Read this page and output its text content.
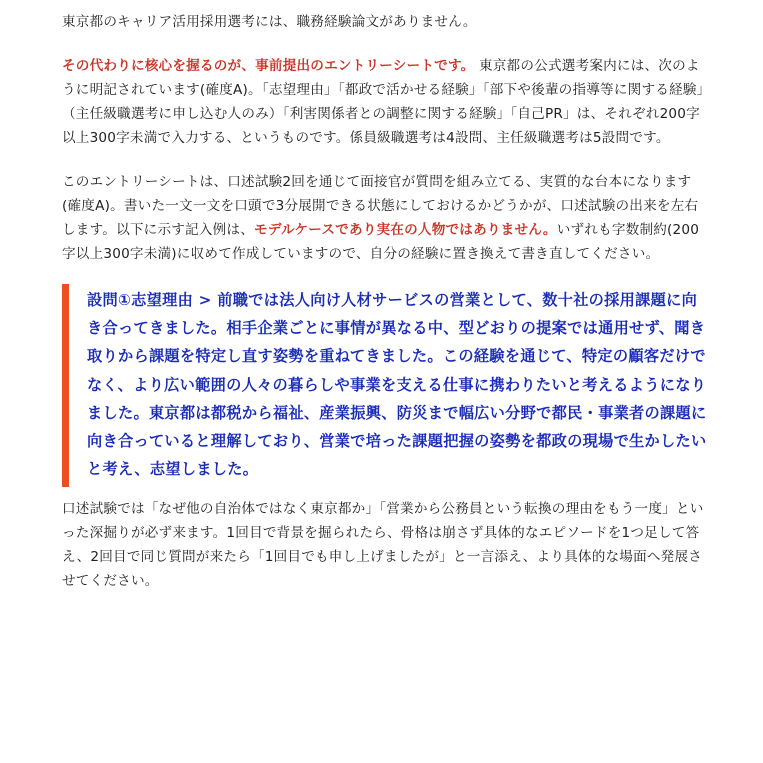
東京都のキャリア活用採用選考には、職務経験論文がありません。

その代わりに核心を握るのが、事前提出のエントリーシートです。 東京都の公式選考案内には、次のように明記されています(確度A)。「志望理由」「都政で活かせる経験」「部下や後輩の指導等に関する経験」（主任級職選考に申し込む人のみ）「利害関係者との調整に関する経験」「自己PR」は、それぞれ200字以上300字未満で入力する、というものです。係員級職選考は4設問、主任級職選考は5設問です。

このエントリーシートは、口述試験2回を通じて面接官が質問を組み立てる、実質的な台本になります(確度A)。書いた一文一文を口頭で3分展開できる状態にしておけるかどうかが、口述試験の出来を左右します。以下に示す記入例は、モデルケースであり実在の人物ではありません。いずれも字数制約(200字以上300字未満)に収めて作成していますので、自分の経験に置き換えて書き直してください。

設問①志望理由 > 前職では法人向け人材サービスの営業として、数十社の採用課題に向き合ってきました。相手企業ごとに事情が異なる中、型どおりの提案では通用せず、聞き取りから課題を特定し直す姿勢を重ねてきました。この経験を通じて、特定の顧客だけでなく、より広い範囲の人々の暮らしや事業を支える仕事に携わりたいと考えるようになりました。東京都は都税から福祉、産業振興、防災まで幅広い分野で都民・事業者の課題に向き合っていると理解しており、営業で培った課題把握の姿勢を都政の現場で生かしたいと考え、志望しました。

口述試験では「なぜ他の自治体ではなく東京都か」「営業から公務員という転換の理由をもう一度」といった深掘りが必ず来ます。1回目で背景を掘られたら、骨格は崩さず具体的なエピソードを1つ足して答え、2回目で同じ質問が来たら「1回目でも申し上げましたが」と一言添え、より具体的な場面へ発展させてください。
